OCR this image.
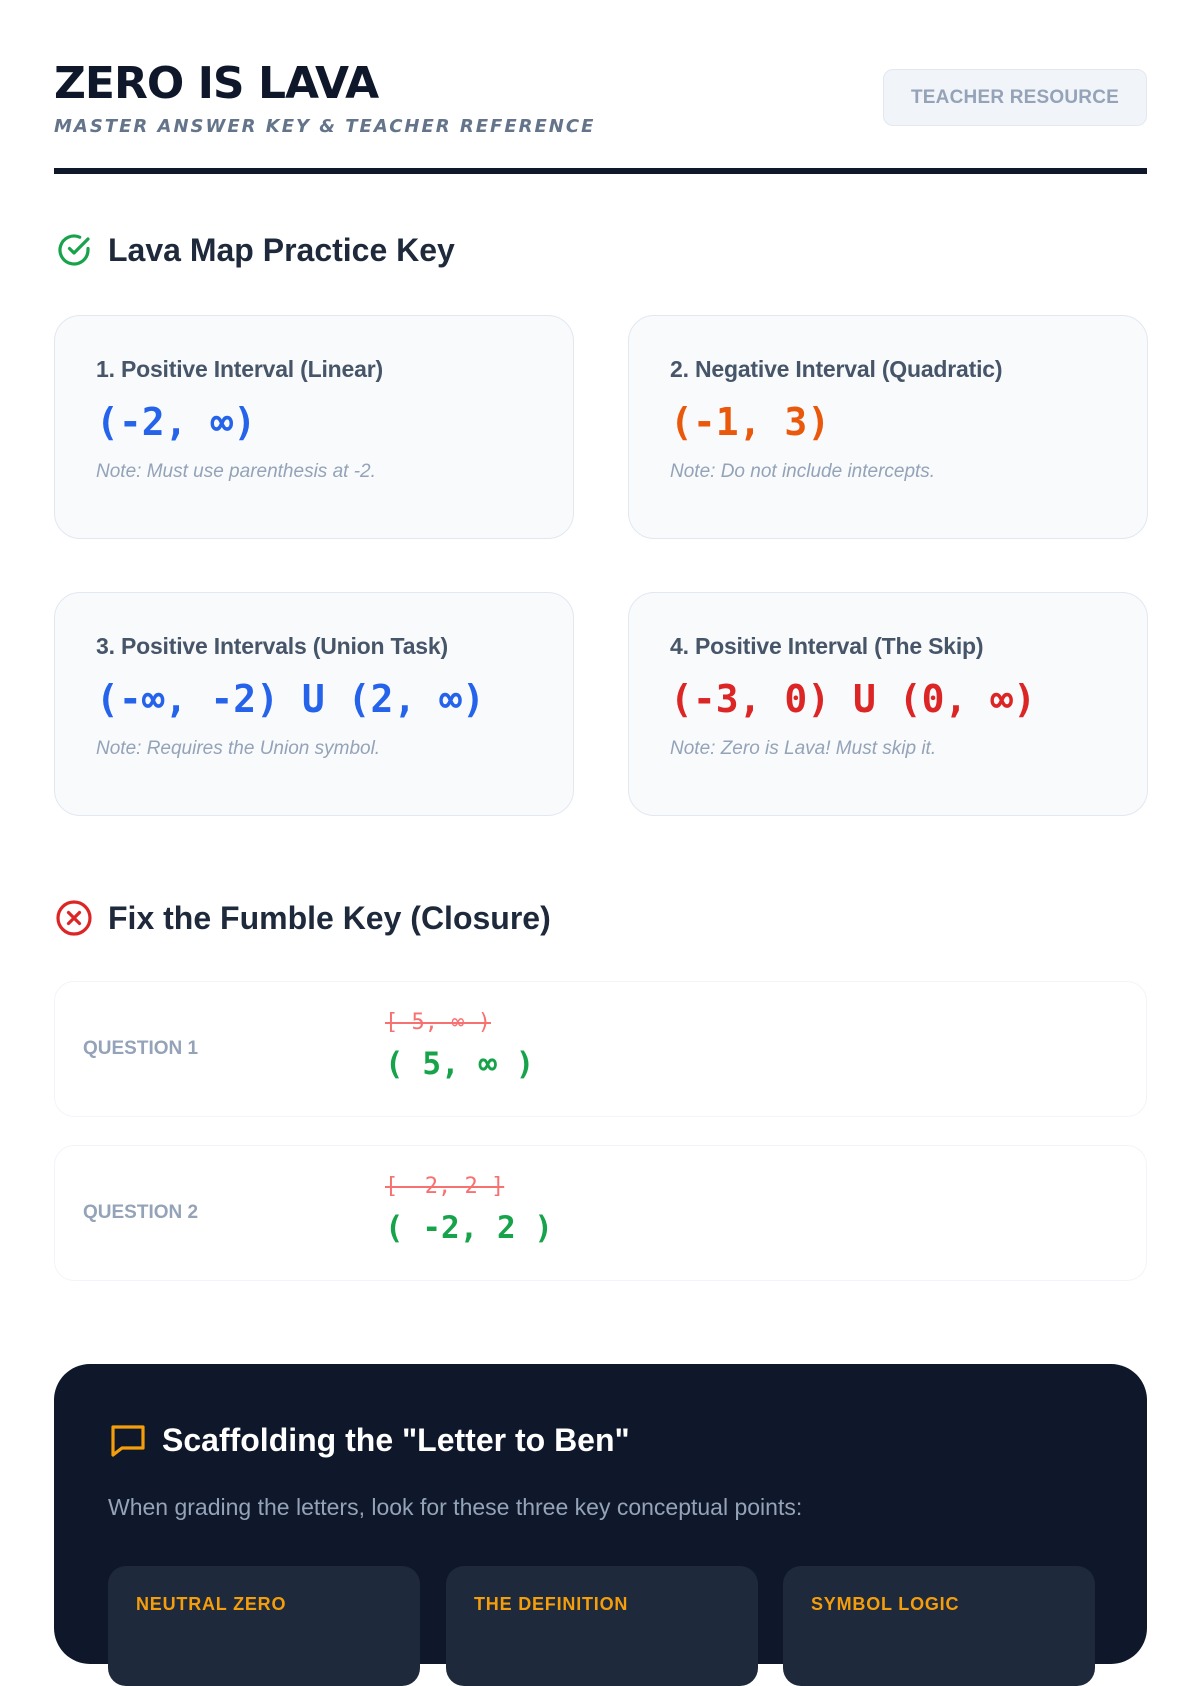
ZERO IS LAVA
MASTER ANSWER KEY & TEACHER REFERENCE
TEACHER RESOURCE
Lava Map Practice Key
1. Positive Interval (Linear)
(-2, ∞)
Note: Must use parenthesis at -2.
2. Negative Interval (Quadratic)
(-1, 3)
Note: Do not include intercepts.
3. Positive Intervals (Union Task)
(-∞, -2) U (2, ∞)
Note: Requires the Union symbol.
4. Positive Interval (The Skip)
(-3, 0) U (0, ∞)
Note: Zero is Lava! Must skip it.
Fix the Fumble Key (Closure)
QUESTION 1
[ 5, ∞ )
( 5, ∞ )
QUESTION 2
[ -2, 2 ]
( -2, 2 )
Scaffolding the "Letter to Ben"
When grading the letters, look for these three key conceptual points:
NEUTRAL ZERO	THE DEFINITION	SYMBOL LOGIC
